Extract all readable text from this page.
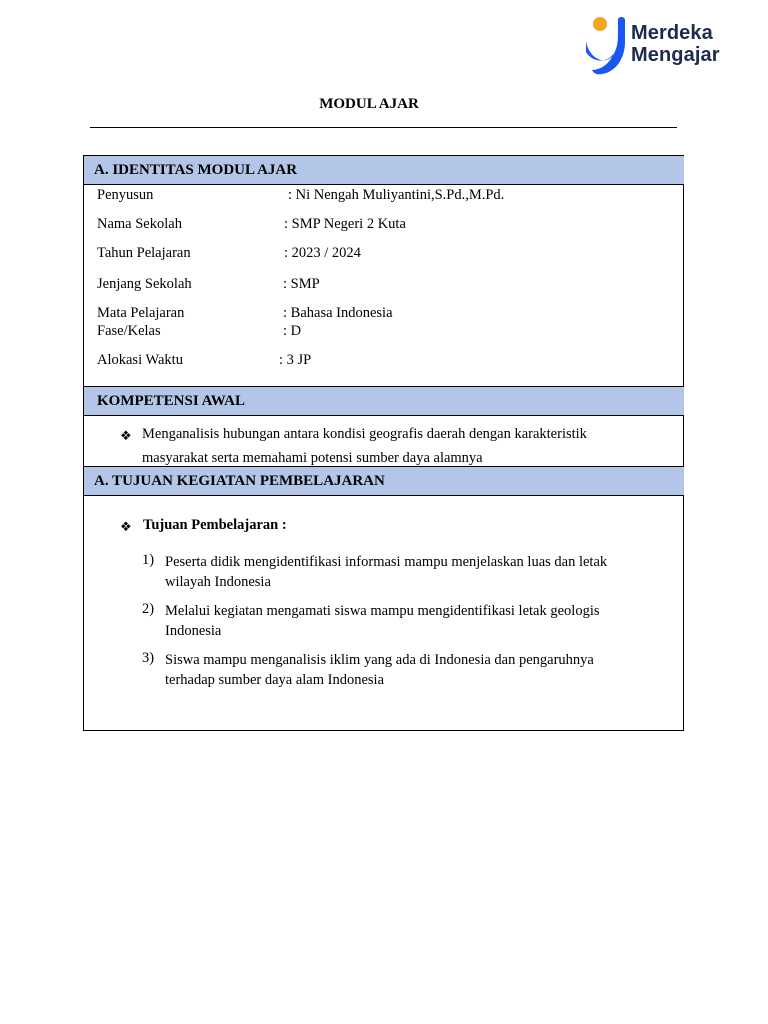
Merdeka
Mengajar
MODUL AJAR
A. IDENTITAS MODUL AJAR
Penyusun	: Ni Nengah Muliyantini,S.Pd.,M.Pd.
Nama Sekolah	: SMP Negeri 2 Kuta
Tahun Pelajaran	: 2023 / 2024
Jenjang Sekolah	: SMP
Mata Pelajaran	: Bahasa Indonesia
Fase/Kelas	: D
Alokasi Waktu	: 3 JP
KOMPETENSI AWAL
❖ Menganalisis hubungan antara kondisi geografis daerah dengan karakteristik
masyarakat serta memahami potensi sumber daya alamnya
A. TUJUAN KEGIATAN PEMBELAJARAN
❖ Tujuan Pembelajaran :
1) Peserta didik mengidentifikasi informasi mampu menjelaskan luas dan letak wilayah Indonesia
2) Melalui kegiatan mengamati siswa mampu mengidentifikasi letak geologis Indonesia
3) Siswa mampu menganalisis iklim yang ada di Indonesia dan pengaruhnya terhadap sumber daya alam Indonesia
